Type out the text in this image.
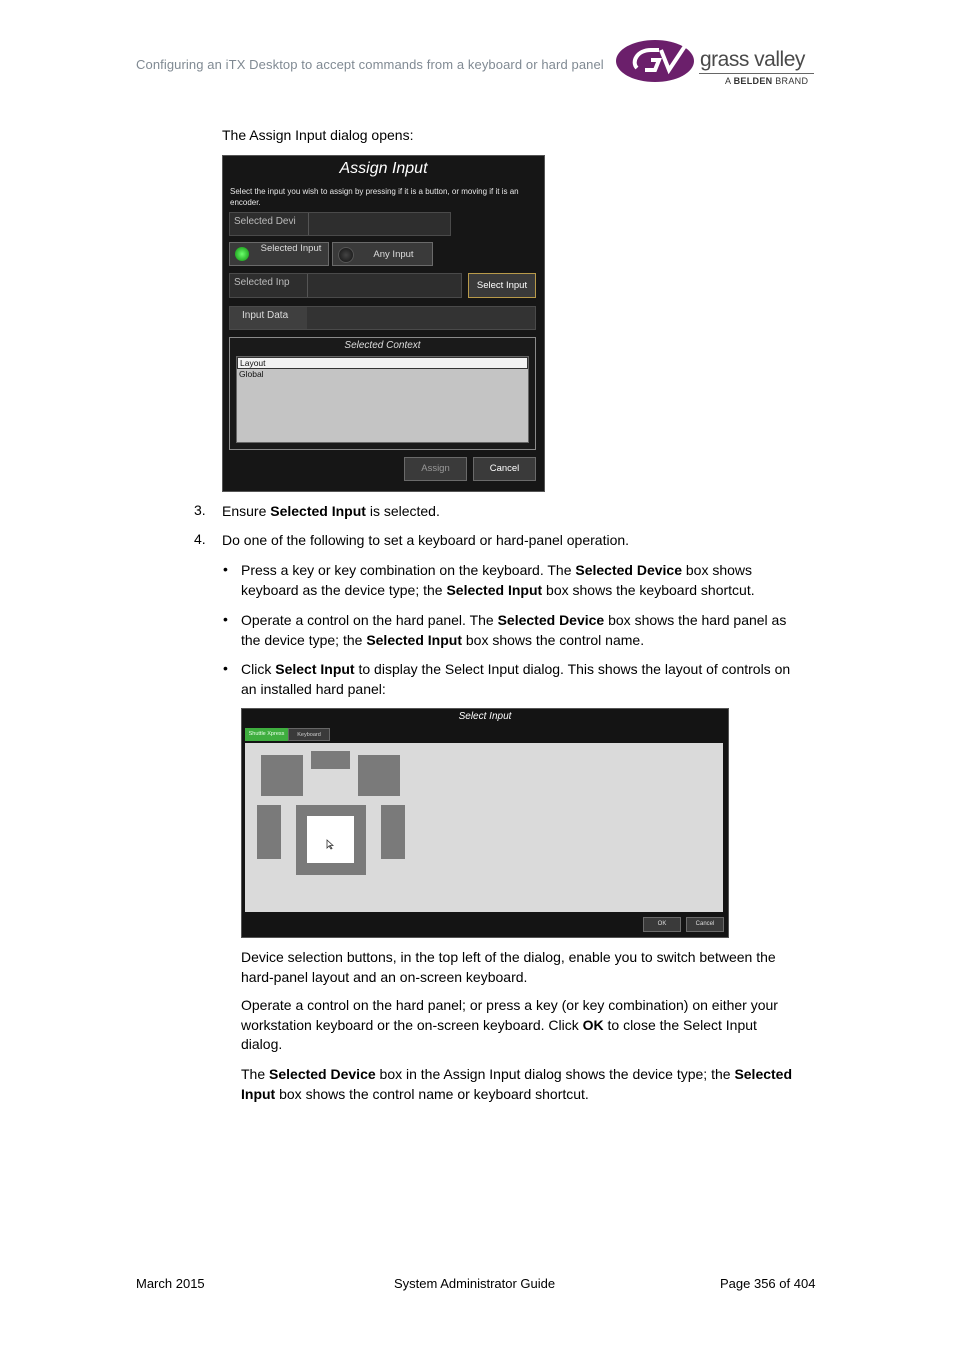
Configuring an iTX Desktop to accept commands from a keyboard or hard panel	grass valley
A BELDEN BRAND
The Assign Input dialog opens:
Assign Input
Select the input you wish to assign by pressing if it is a button, or moving if it is an encoder.
Selected Devi
Selected Input
Any Input
Selected Inp	Select Input
Input Data
Selected Context
Layout
Global
Assign	Cancel
3. Ensure Selected Input is selected.
4. Do one of the following to set a keyboard or hard-panel operation.
• Press a key or key combination on the keyboard. The Selected Device box shows
keyboard as the device type; the Selected Input box shows the keyboard shortcut.
• Operate a control on the hard panel. The Selected Device box shows the hard panel as
the device type; the Selected Input box shows the control name.
• Click Select Input to display the Select Input dialog. This shows the layout of controls on
an installed hard panel:
Select Input
Shuttle Xpress	Keyboard
OK	Cancel
Device selection buttons, in the top left of the dialog, enable you to switch between the
hard-panel layout and an on-screen keyboard.
Operate a control on the hard panel; or press a key (or key combination) on either your
workstation keyboard or the on-screen keyboard. Click OK to close the Select Input
dialog.
The Selected Device box in the Assign Input dialog shows the device type; the Selected
Input box shows the control name or keyboard shortcut.
March 2015	System Administrator Guide	Page 356 of 404
